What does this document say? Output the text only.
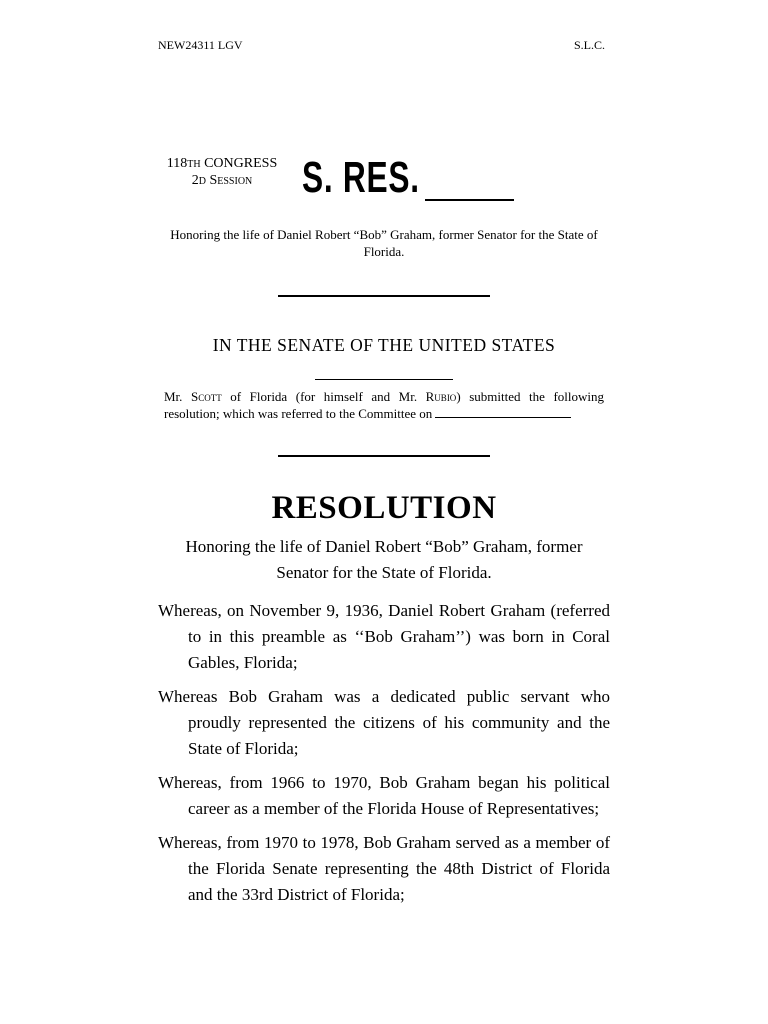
NEW24311 LGV	S.L.C.
118TH CONGRESS
2D Session	S. RES.
Honoring the life of Daniel Robert “Bob” Graham, former Senator for the State of Florida.
IN THE SENATE OF THE UNITED STATES
Mr. Scott of Florida (for himself and Mr. Rubio) submitted the following resolution; which was referred to the Committee on
RESOLUTION
Honoring the life of Daniel Robert “Bob” Graham, former Senator for the State of Florida.
Whereas, on November 9, 1936, Daniel Robert Graham (referred to in this preamble as ‘‘Bob Graham’’) was born in Coral Gables, Florida;
Whereas Bob Graham was a dedicated public servant who proudly represented the citizens of his community and the State of Florida;
Whereas, from 1966 to 1970, Bob Graham began his political career as a member of the Florida House of Representatives;
Whereas, from 1970 to 1978, Bob Graham served as a member of the Florida Senate representing the 48th District of Florida and the 33rd District of Florida;
